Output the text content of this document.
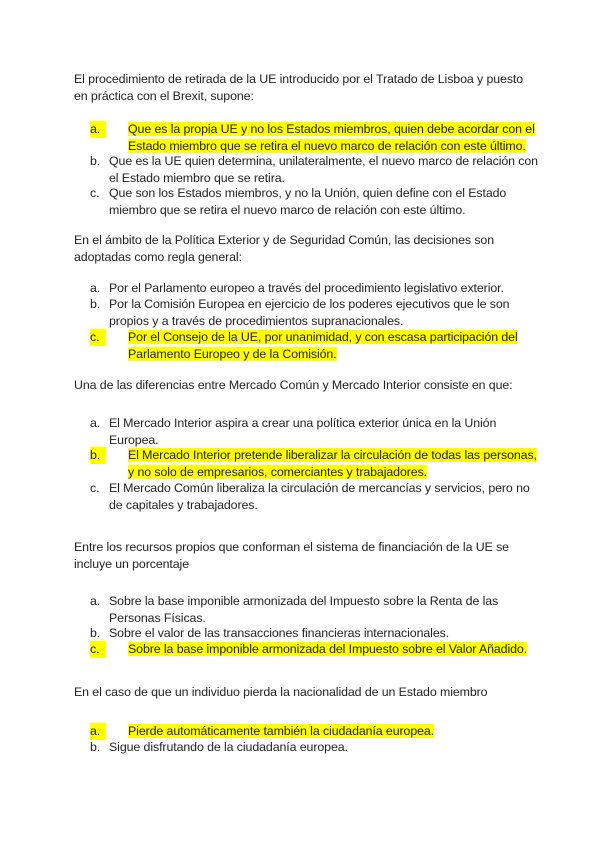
El procedimiento de retirada de la UE introducido por el Tratado de Lisboa y puesto en práctica con el Brexit, supone:

a.	Que es la propia UE y no los Estados miembros, quien debe acordar con el Estado miembro que se retira el nuevo marco de relación con este último.
b. Que es la UE quien determina, unilateralmente, el nuevo marco de relación con el Estado miembro que se retira.
c. Que son los Estados miembros, y no la Unión, quien define con el Estado miembro que se retira el nuevo marco de relación con este último.

En el ámbito de la Política Exterior y de Seguridad Común, las decisiones son adoptadas como regla general:

a. Por el Parlamento europeo a través del procedimiento legislativo exterior.
b. Por la Comisión Europea en ejercicio de los poderes ejecutivos que le son propios y a través de procedimientos supranacionales.
c.	Por el Consejo de la UE, por unanimidad, y con escasa participación del Parlamento Europeo y de la Comisión.

Una de las diferencias entre Mercado Común y Mercado Interior consiste en que:

a. El Mercado Interior aspira a crear una política exterior única en la Unión Europea.
b.	El Mercado Interior pretende liberalizar la circulación de todas las personas, y no solo de empresarios, comerciantes y trabajadores.
c. El Mercado Común liberaliza la circulación de mercancías y servicios, pero no de capitales y trabajadores.

Entre los recursos propios que conforman el sistema de financiación de la UE se incluye un porcentaje

a. Sobre la base imponible armonizada del Impuesto sobre la Renta de las Personas Físicas.
b. Sobre el valor de las transacciones financieras internacionales.
c.	Sobre la base imponible armonizada del Impuesto sobre el Valor Añadido.

En el caso de que un individuo pierda la nacionalidad de un Estado miembro

a.	Pierde automáticamente también la ciudadanía europea.
b. Sigue disfrutando de la ciudadanía europea.
